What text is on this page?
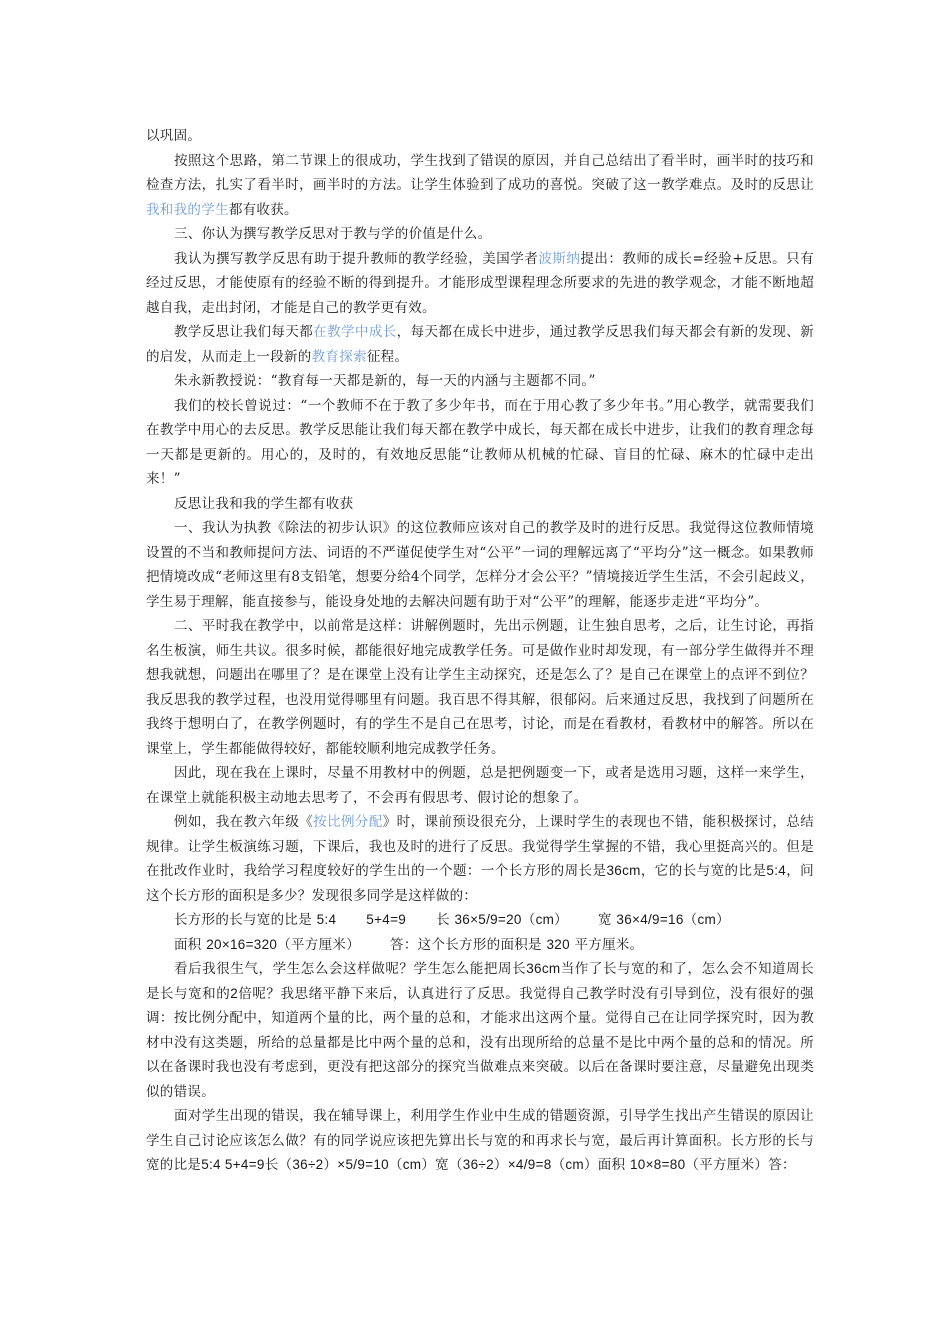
以巩固。

按照这个思路，第二节课上的很成功，学生找到了错误的原因，并自己总结出了看半时，画半时的技巧和检查方法，扎实了看半时，画半时的方法。让学生体验到了成功的喜悦。突破了这一教学难点。及时的反思让我和我的学生都有收获。

三、你认为撰写教学反思对于教与学的价值是什么。

我认为撰写教学反思有助于提升教师的教学经验，美国学者波斯纳提出：教师的成长=经验+反思。只有经过反思，才能使原有的经验不断的得到提升。才能形成型课程理念所要求的先进的教学观念，才能不断地超越自我，走出封闭，才能是自己的教学更有效。

教学反思让我们每天都在教学中成长，每天都在成长中进步，通过教学反思我们每天都会有新的发现、新的启发，从而走上一段新的教育探索征程。

朱永新教授说：“教育每一天都是新的，每一天的内涵与主题都不同。”

我们的校长曾说过：“一个教师不在于教了多少年书，而在于用心教了多少年书。”用心教学，就需要我们在教学中用心的去反思。教学反思能让我们每天都在教学中成长，每天都在成长中进步，让我们的教育理念每一天都是更新的。用心的，及时的，有效地反思能“让教师从机械的忙碌、盲目的忙碌、麻木的忙碌中走出来！”

反思让我和我的学生都有收获

一、我认为执教《除法的初步认识》的这位教师应该对自己的教学及时的进行反思。我觉得这位教师情境设置的不当和教师提问方法、词语的不严谨促使学生对“公平”一词的理解远离了“平均分”这一概念。如果教师把情境改成“老师这里有8支铅笔，想要分给4个同学，怎样分才会公平？”情境接近学生生活，不会引起歧义，学生易于理解，能直接参与，能设身处地的去解决问题有助于对“公平”的理解，能逐步走进“平均分”。

二、平时我在教学中，以前常是这样：讲解例题时，先出示例题，让生独自思考，之后，让生讨论，再指名生板演，师生共议。很多时候，都能很好地完成教学任务。可是做作业时却发现，有一部分学生做得并不理想我就想，问题出在哪里了？是在课堂上没有让学生主动探究，还是怎么了？是自己在课堂上的点评不到位？我反思我的教学过程，也没用觉得哪里有问题。我百思不得其解，很郁闷。后来通过反思，我找到了问题所在我终于想明白了，在教学例题时，有的学生不是自己在思考，讨论，而是在看教材，看教材中的解答。所以在课堂上，学生都能做得较好，都能较顺利地完成教学任务。

因此，现在我在上课时，尽量不用教材中的例题，总是把例题变一下，或者是选用习题，这样一来学生，在课堂上就能积极主动地去思考了，不会再有假思考、假讨论的想象了。

例如，我在教六年级《按比例分配》时，课前预设很充分，上课时学生的表现也不错，能积极探讨，总结规律。让学生板演练习题，下课后，我也及时的进行了反思。我觉得学生掌握的不错，我心里挺高兴的。但是在批改作业时，我给学习程度较好的学生出的一个题：一个长方形的周长是36cm，它的长与宽的比是5:4，问这个长方形的面积是多少？发现很多同学是这样做的：

长方形的长与宽的比是 5:4 5+4=9 长 36×5/9=20（cm） 宽 36×4/9=16（cm）

面积 20×16=320（平方厘米） 答：这个长方形的面积是 320 平方厘米。

看后我很生气，学生怎么会这样做呢？学生怎么能把周长36cm当作了长与宽的和了，怎么会不知道周长是长与宽和的2倍呢？我思绪平静下来后，认真进行了反思。我觉得自己教学时没有引导到位，没有很好的强调：按比例分配中，知道两个量的比，两个量的总和，才能求出这两个量。觉得自己在让同学探究时，因为教材中没有这类题，所给的总量都是比中两个量的总和，没有出现所给的总量不是比中两个量的总和的情况。所以在备课时我也没有考虑到，更没有把这部分的探究当做难点来突破。以后在备课时要注意，尽量避免出现类似的错误。

面对学生出现的错误，我在辅导课上，利用学生作业中生成的错题资源，引导学生找出产生错误的原因让学生自己讨论应该怎么做？有的同学说应该把先算出长与宽的和再求长与宽，最后再计算面积。长方形的长与宽的比是5:4 5+4=9长（36÷2）×5/9=10（cm）宽（36÷2）×4/9=8（cm）面积 10×8=80（平方厘米）答：
